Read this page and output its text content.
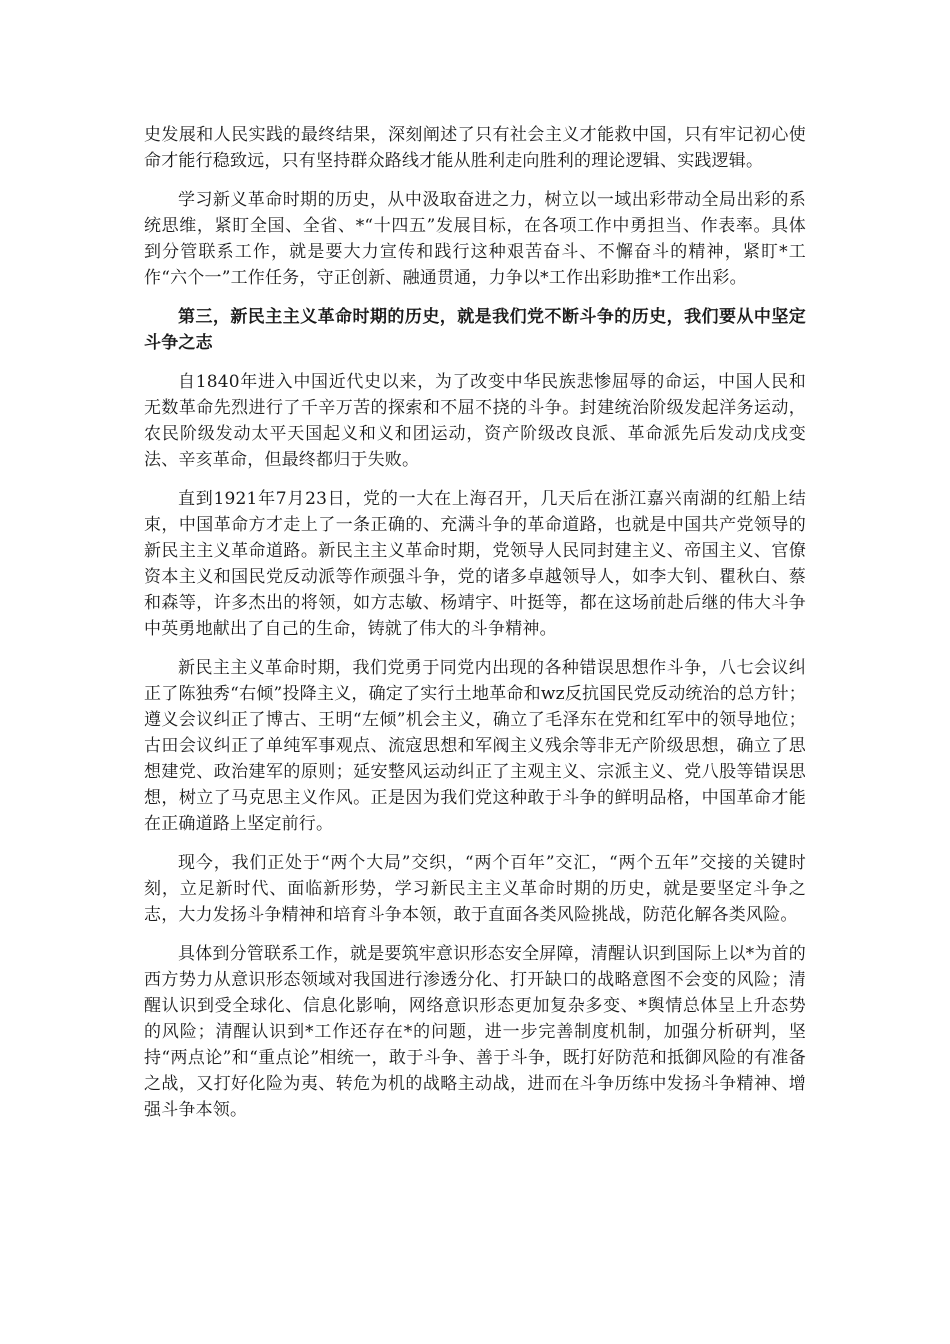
史发展和人民实践的最终结果，深刻阐述了只有社会主义才能救中国，只有牢记初心使命才能行稳致远，只有坚持群众路线才能从胜利走向胜利的理论逻辑、实践逻辑。

学习新义革命时期的历史，从中汲取奋进之力，树立以一域出彩带动全局出彩的系统思维，紧盯全国、全省、*“十四五”发展目标，在各项工作中勇担当、作表率。具体到分管联系工作，就是要大力宣传和践行这种艰苦奋斗、不懈奋斗的精神，紧盯*工作“六个一”工作任务，守正创新、融通贯通，力争以*工作出彩助推*工作出彩。

第三，新民主主义革命时期的历史，就是我们党不断斗争的历史，我们要从中坚定斗争之志

自1840年进入中国近代史以来，为了改变中华民族悲惨屈辱的命运，中国人民和无数革命先烈进行了千辛万苦的探索和不屈不挠的斗争。封建统治阶级发起洋务运动，农民阶级发动太平天国起义和义和团运动，资产阶级改良派、革命派先后发动戊戌变法、辛亥革命，但最终都归于失败。

直到1921年7月23日，党的一大在上海召开，几天后在浙江嘉兴南湖的红船上结束，中国革命方才走上了一条正确的、充满斗争的革命道路，也就是中国共产党领导的新民主主义革命道路。新民主主义革命时期，党领导人民同封建主义、帝国主义、官僚资本主义和国民党反动派等作顽强斗争，党的诸多卓越领导人，如李大钊、瞿秋白、蔡和森等，许多杰出的将领，如方志敏、杨靖宇、叶挺等，都在这场前赴后继的伟大斗争中英勇地献出了自己的生命，铸就了伟大的斗争精神。

新民主主义革命时期，我们党勇于同党内出现的各种错误思想作斗争，八七会议纠正了陈独秀“右倾”投降主义，确定了实行土地革命和wz反抗国民党反动统治的总方针；遵义会议纠正了博古、王明“左倾”机会主义，确立了毛泽东在党和红军中的领导地位；古田会议纠正了单纯军事观点、流寇思想和军阀主义残余等非无产阶级思想，确立了思想建党、政治建军的原则；延安整风运动纠正了主观主义、宗派主义、党八股等错误思想，树立了马克思主义作风。正是因为我们党这种敢于斗争的鲜明品格，中国革命才能在正确道路上坚定前行。

现今，我们正处于“两个大局”交织，“两个百年”交汇，“两个五年”交接的关键时刻，立足新时代、面临新形势，学习新民主主义革命时期的历史，就是要坚定斗争之志，大力发扬斗争精神和培育斗争本领，敢于直面各类风险挑战，防范化解各类风险。

具体到分管联系工作，就是要筑牢意识形态安全屏障，清醒认识到国际上以*为首的西方势力从意识形态领域对我国进行渗透分化、打开缺口的战略意图不会变的风险；清醒认识到受全球化、信息化影响，网络意识形态更加复杂多变、*舆情总体呈上升态势的风险；清醒认识到*工作还存在*的问题，进一步完善制度机制，加强分析研判，坚持“两点论”和“重点论”相统一，敢于斗争、善于斗争，既打好防范和抵御风险的有准备之战，又打好化险为夷、转危为机的战略主动战，进而在斗争历练中发扬斗争精神、增强斗争本领。
